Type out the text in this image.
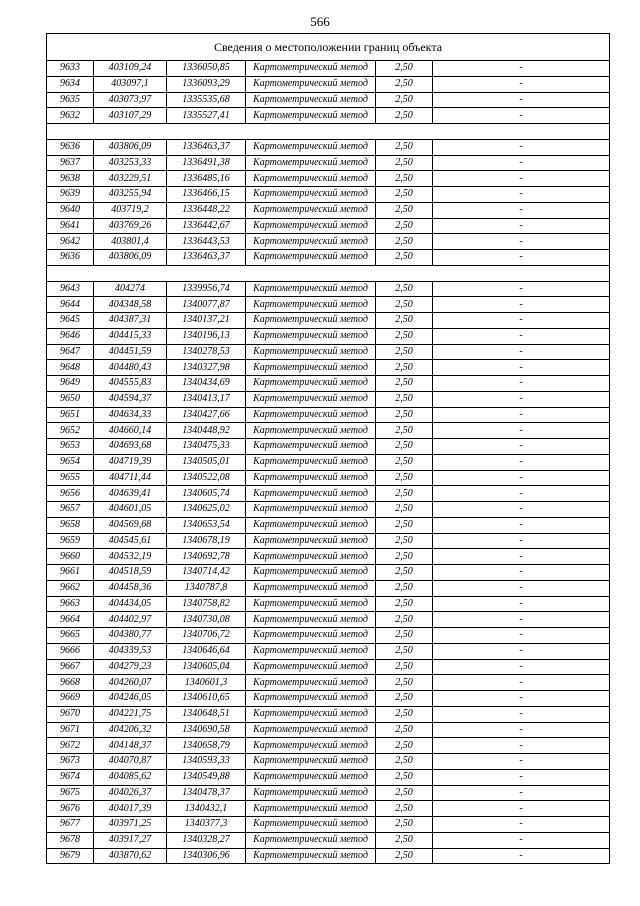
566
Сведения о местоположении границ объекта					
9633	403109,24	1336050,85	Картометрический метод	2,50	-
9634	403097,1	1336093,29	Картометрический метод	2,50	-
9635	403073,97	1335535,68	Картометрический метод	2,50	-
9632	403107,29	1335527,41	Картометрический метод	2,50	-

9636	403806,09	1336463,37	Картометрический метод	2,50	-
9637	403253,33	1336491,38	Картометрический метод	2,50	-
9638	403229,51	1336485,16	Картометрический метод	2,50	-
9639	403255,94	1336466,15	Картометрический метод	2,50	-
9640	403719,2	1336448,22	Картометрический метод	2,50	-
9641	403769,26	1336442,67	Картометрический метод	2,50	-
9642	403801,4	1336443,53	Картометрический метод	2,50	-
9636	403806,09	1336463,37	Картометрический метод	2,50	-

9643	404274	1339956,74	Картометрический метод	2,50	-
9644	404348,58	1340077,87	Картометрический метод	2,50	-
9645	404387,31	1340137,21	Картометрический метод	2,50	-
9646	404415,33	1340196,13	Картометрический метод	2,50	-
9647	404451,59	1340278,53	Картометрический метод	2,50	-
9648	404480,43	1340327,98	Картометрический метод	2,50	-
9649	404555,83	1340434,69	Картометрический метод	2,50	-
9650	404594,37	1340413,17	Картометрический метод	2,50	-
9651	404634,33	1340427,66	Картометрический метод	2,50	-
9652	404660,14	1340448,92	Картометрический метод	2,50	-
9653	404693,68	1340475,33	Картометрический метод	2,50	-
9654	404719,39	1340505,01	Картометрический метод	2,50	-
9655	404711,44	1340522,08	Картометрический метод	2,50	-
9656	404639,41	1340605,74	Картометрический метод	2,50	-
9657	404601,05	1340625,02	Картометрический метод	2,50	-
9658	404569,68	1340653,54	Картометрический метод	2,50	-
9659	404545,61	1340678,19	Картометрический метод	2,50	-
9660	404532,19	1340692,78	Картометрический метод	2,50	-
9661	404518,59	1340714,42	Картометрический метод	2,50	-
9662	404458,36	1340787,8	Картометрический метод	2,50	-
9663	404434,05	1340758,82	Картометрический метод	2,50	-
9664	404402,97	1340730,08	Картометрический метод	2,50	-
9665	404380,77	1340706,72	Картометрический метод	2,50	-
9666	404339,53	1340646,64	Картометрический метод	2,50	-
9667	404279,23	1340605,04	Картометрический метод	2,50	-
9668	404260,07	1340601,3	Картометрический метод	2,50	-
9669	404246,05	1340610,65	Картометрический метод	2,50	-
9670	404221,75	1340648,51	Картометрический метод	2,50	-
9671	404206,32	1340690,58	Картометрический метод	2,50	-
9672	404148,37	1340658,79	Картометрический метод	2,50	-
9673	404070,87	1340593,33	Картометрический метод	2,50	-
9674	404085,62	1340549,88	Картометрический метод	2,50	-
9675	404026,37	1340478,37	Картометрический метод	2,50	-
9676	404017,39	1340432,1	Картометрический метод	2,50	-
9677	403971,25	1340377,3	Картометрический метод	2,50	-
9678	403917,27	1340328,27	Картометрический метод	2,50	-
9679	403870,62	1340306,96	Картометрический метод	2,50	-
